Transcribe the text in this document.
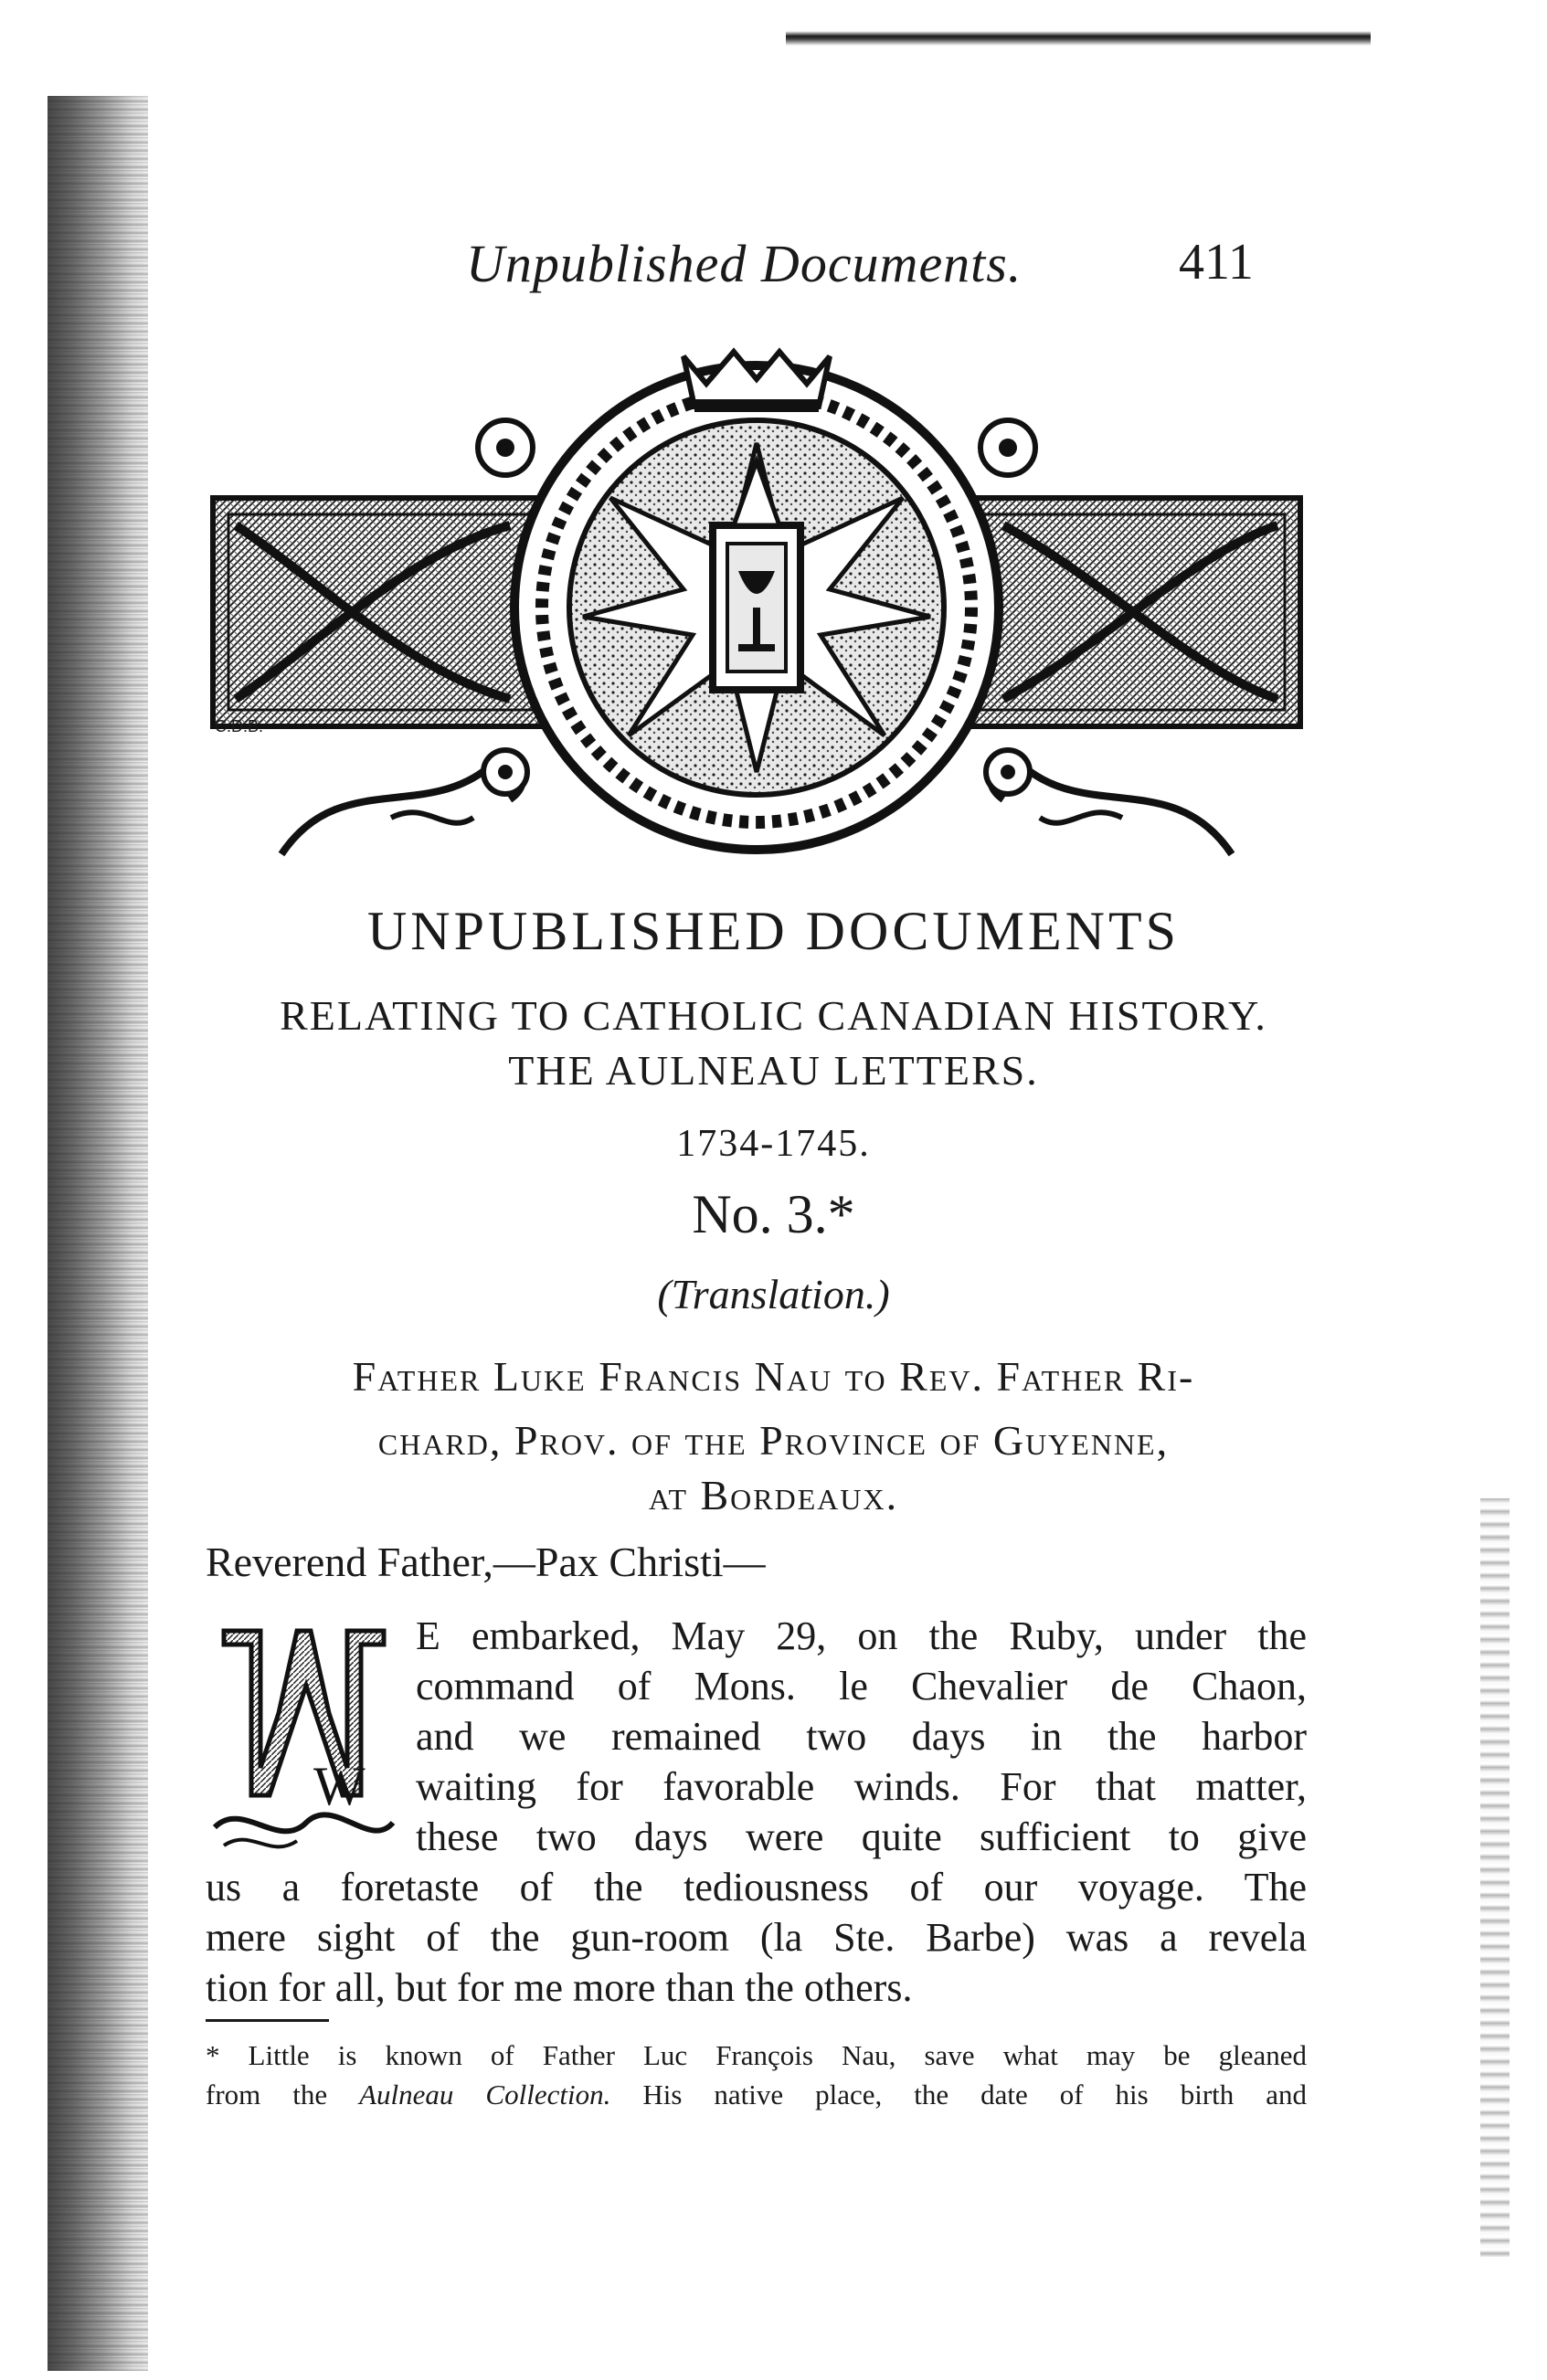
Unpublished Documents.	411
C.D.B.
UNPUBLISHED DOCUMENTS
RELATING TO CATHOLIC CANADIAN HISTORY.
THE AULNEAU LETTERS.
1734-1745.
No. 3.*
(Translation.)
Father Luke Francis Nau to Rev. Father Ri-
chard, Prov. of the Province of Guyenne,
at Bordeaux.
Reverend Father,—Pax Christi—
W
E embarked, May 29, on the Ruby, under the
command of Mons. le Chevalier de Chaon,
and we remained two days in the harbor
waiting for favorable winds. For that matter,
these two days were quite sufficient to give
us a foretaste of the tediousness of our voyage. The
mere sight of the gun-room (la Ste. Barbe) was a revela
tion for all, but for me more than the others.
* Little is known of Father Luc François Nau, save what may be gleaned
from the Aulneau Collection. His native place, the date of his birth and
